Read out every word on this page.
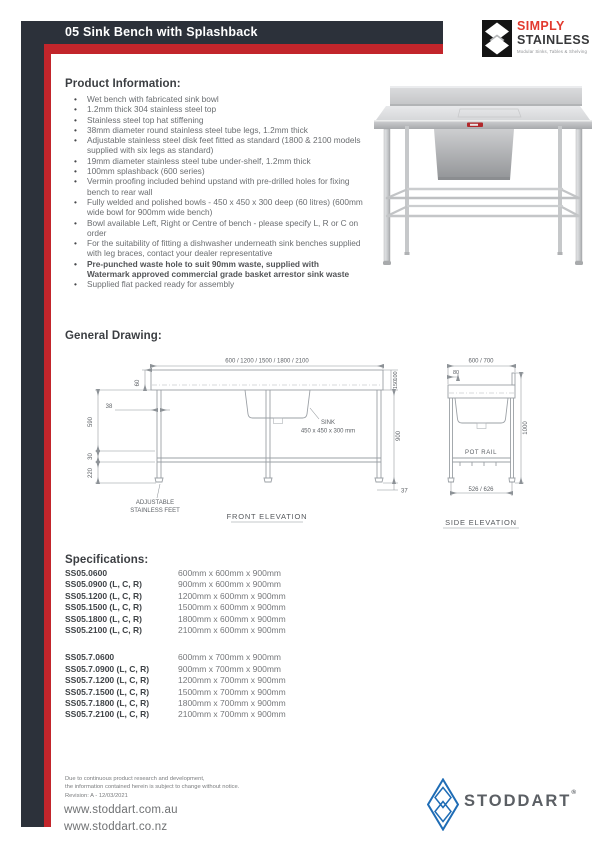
05 Sink Bench with Splashback	SIMPLY
STAINLESS
Modular Sinks, Tables & Shelving
Product Information:
• Wet bench with fabricated sink bowl
• 1.2mm thick 304 stainless steel top
• Stainless steel top hat stiffening
• 38mm diameter round stainless steel tube legs, 1.2mm thick
• Adjustable stainless steel disk feet fitted as standard (1800 & 2100 models supplied with six legs as standard)
• 19mm diameter stainless steel tube under-shelf, 1.2mm thick
• 100mm splashback (600 series)
• Vermin proofing included behind upstand with pre-drilled holes for fixing bench to rear wall
• Fully welded and polished bowls - 450 x 450 x 300 deep (60 litres) (600mm wide bowl for 900mm wide bench)
• Bowl available Left, Right or Centre of bench - please specify L, R or C on order
• For the suitability of fitting a dishwasher underneath sink benches supplied with leg braces, contact your dealer representative
• Pre-punched waste hole to suit 90mm waste, supplied with Watermark approved commercial grade basket arrestor sink waste
• Supplied flat packed ready for assembly
General Drawing:
600 / 1200 / 1500 / 1800 / 2100
60
590
30
220
38
100
150
900
37
SINK
450 x 450 x 300 mm
ADJUSTABLE
STAINLESS FEET
FRONT ELEVATION
600 / 700
80
POT RAIL
1000
526 / 626
SIDE ELEVATION
Specifications:
SS05.0600	600mm x 600mm x 900mm
SS05.0900 (L, C, R)	900mm x 600mm x 900mm
SS05.1200 (L, C, R)	1200mm x 600mm x 900mm
SS05.1500 (L, C, R)	1500mm x 600mm x 900mm
SS05.1800 (L, C, R)	1800mm x 600mm x 900mm
SS05.2100 (L, C, R)	2100mm x 600mm x 900mm
SS05.7.0600	600mm x 700mm x 900mm
SS05.7.0900 (L, C, R)	900mm x 700mm x 900mm
SS05.7.1200 (L, C, R)	1200mm x 700mm x 900mm
SS05.7.1500 (L, C, R)	1500mm x 700mm x 900mm
SS05.7.1800 (L, C, R)	1800mm x 700mm x 900mm
SS05.7.2100 (L, C, R)	2100mm x 700mm x 900mm
Due to continuous product research and development,
the information contained herein is subject to change without notice.
Revision: A - 12/03/2021
www.stoddart.com.au
www.stoddart.co.nz
STODDART®
